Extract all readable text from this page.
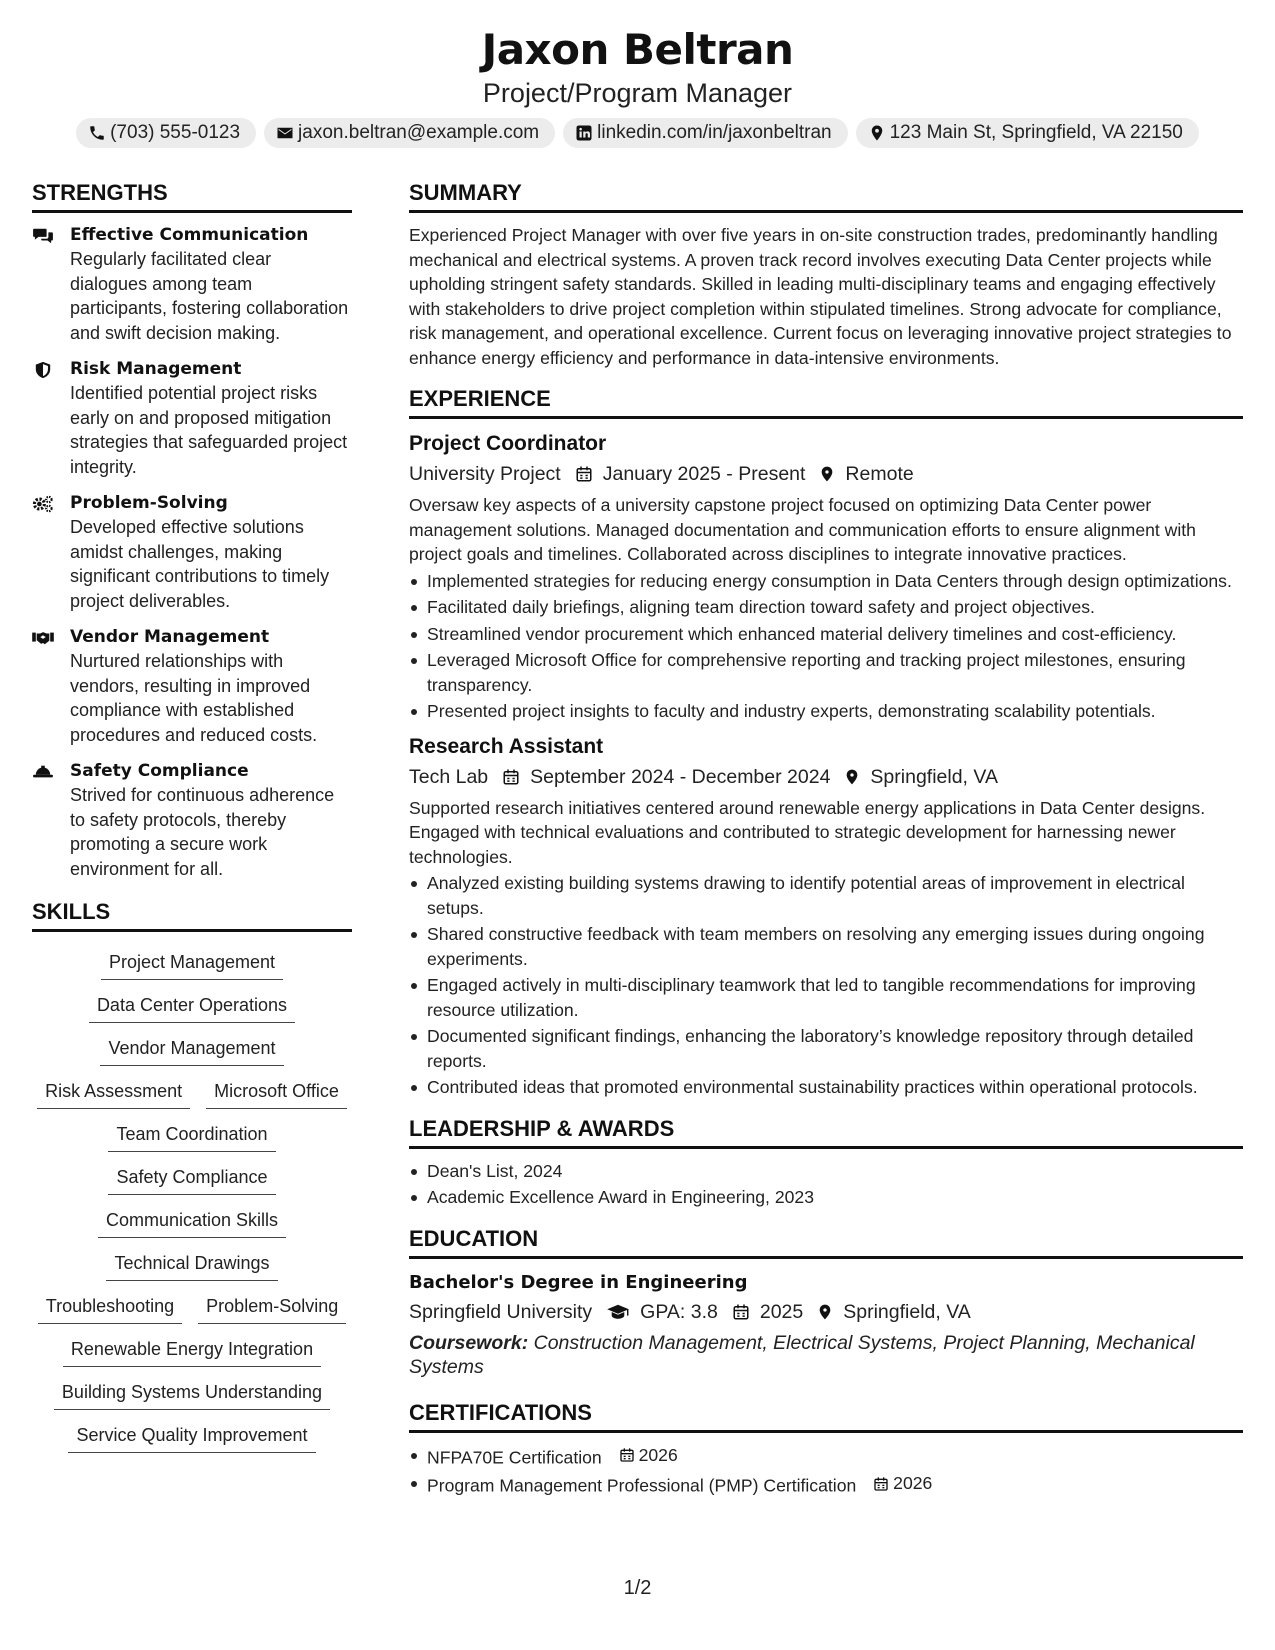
Jaxon Beltran
Project/Program Manager
(703) 555-0123	jaxon.beltran@example.com	linkedin.com/in/jaxonbeltran	123 Main St, Springfield, VA 22150
STRENGTHS
Effective Communication
Regularly facilitated clear dialogues among team participants, fostering collaboration and swift decision making.
Risk Management
Identified potential project risks early on and proposed mitigation strategies that safeguarded project integrity.
Problem-Solving
Developed effective solutions amidst challenges, making significant contributions to timely project deliverables.
Vendor Management
Nurtured relationships with vendors, resulting in improved compliance with established procedures and reduced costs.
Safety Compliance
Strived for continuous adherence to safety protocols, thereby promoting a secure work environment for all.
SKILLS
Project Management
Data Center Operations
Vendor Management
Risk Assessment	Microsoft Office
Team Coordination
Safety Compliance
Communication Skills
Technical Drawings
Troubleshooting	Problem-Solving
Renewable Energy Integration
Building Systems Understanding
Service Quality Improvement
SUMMARY

Experienced Project Manager with over five years in on-site construction trades, predominantly handling mechanical and electrical systems. A proven track record involves executing Data Center projects while upholding stringent safety standards. Skilled in leading multi-disciplinary teams and engaging effectively with stakeholders to drive project completion within stipulated timelines. Strong advocate for compliance, risk management, and operational excellence. Current focus on leveraging innovative project strategies to enhance energy efficiency and performance in data-intensive environments.

EXPERIENCE
Project Coordinator
University Project January 2025 - Present Remote

Oversaw key aspects of a university capstone project focused on optimizing Data Center power management solutions. Managed documentation and communication efforts to ensure alignment with project goals and timelines. Collaborated across disciplines to integrate innovative practices.

Implemented strategies for reducing energy consumption in Data Centers through design optimizations.
Facilitated daily briefings, aligning team direction toward safety and project objectives.
Streamlined vendor procurement which enhanced material delivery timelines and cost-efficiency.
Leveraged Microsoft Office for comprehensive reporting and tracking project milestones, ensuring transparency.
Presented project insights to faculty and industry experts, demonstrating scalability potentials.
Research Assistant
Tech Lab September 2024 - December 2024 Springfield, VA

Supported research initiatives centered around renewable energy applications in Data Center designs. Engaged with technical evaluations and contributed to strategic development for harnessing newer technologies.

Analyzed existing building systems drawing to identify potential areas of improvement in electrical setups.
Shared constructive feedback with team members on resolving any emerging issues during ongoing experiments.
Engaged actively in multi-disciplinary teamwork that led to tangible recommendations for improving resource utilization.
Documented significant findings, enhancing the laboratory’s knowledge repository through detailed reports.
Contributed ideas that promoted environmental sustainability practices within operational protocols.
LEADERSHIP & AWARDS
Dean's List, 2024
Academic Excellence Award in Engineering, 2023
EDUCATION
Bachelor's Degree in Engineering
Springfield University GPA: 3.8 2025 Springfield, VA
Coursework: Construction Management, Electrical Systems, Project Planning, Mechanical Systems
CERTIFICATIONS
NFPA70E Certification 2026
Program Management Professional (PMP) Certification 2026
1/2
